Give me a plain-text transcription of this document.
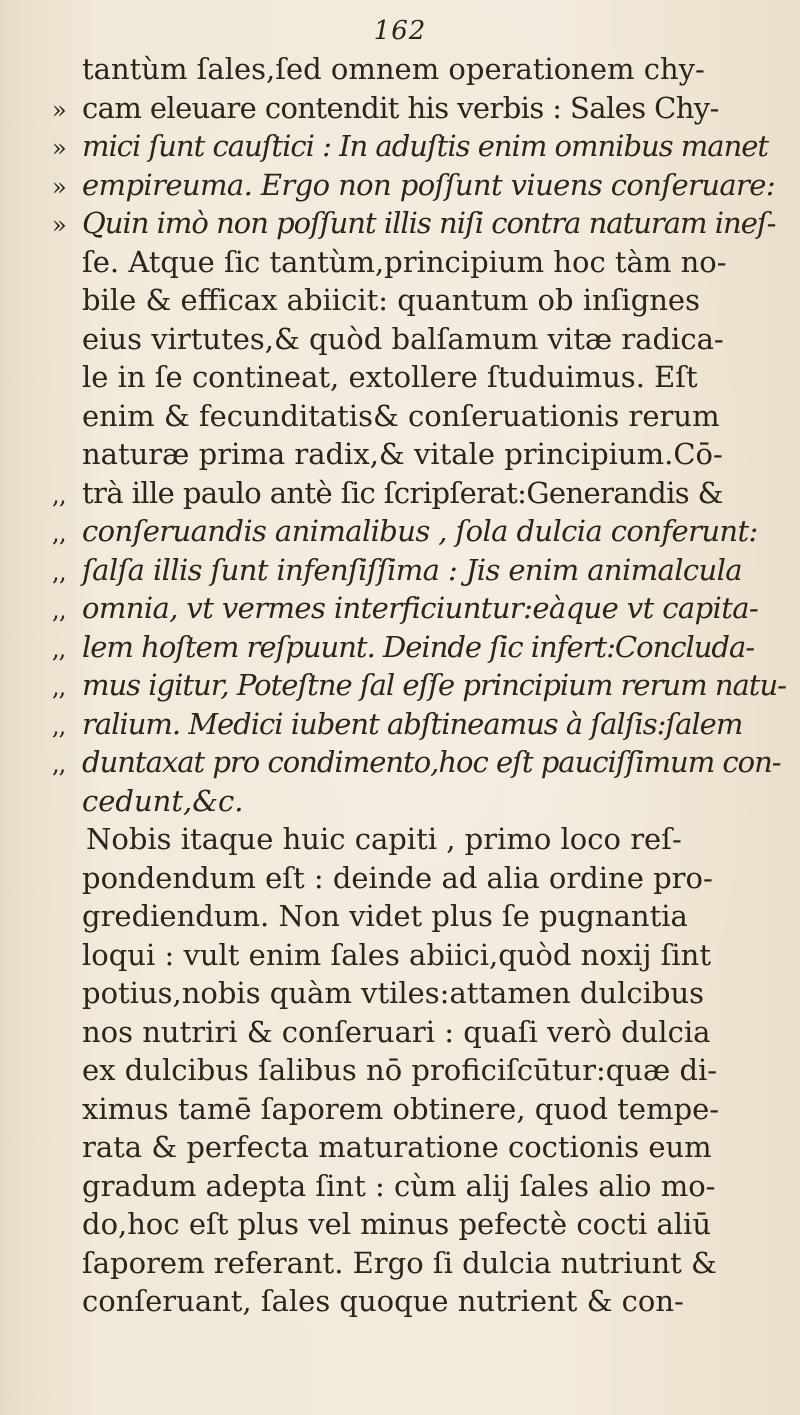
162
tantùm ſales,ſed omnem operationem chy-
» cam eleuare contendit his verbis : Sales Chy-
» mici ſunt cauſtici : In aduſtis enim omnibus manet
» empireuma. Ergo non poſſunt viuens conſeruare:
» Quin imò non poſſunt illis niſi contra naturam ineſ-
ſe. Atque ſic tantùm,principium hoc tàm no-
bile & efficax abiicit: quantum ob inſignes
eius virtutes,& quòd balſamum vitæ radica-
le in ſe contineat, extollere ſtuduimus. Eſt
enim & fecunditatis& conſeruationis rerum
naturæ prima radix,& vitale principium.Cō-
,, trà ille paulo antè ſic ſcripſerat:Generandis &
,, conſeruandis animalibus , ſola dulcia conferunt:
,, ſalſa illis ſunt infenſiſſima : Jis enim animalcula
,, omnia, vt vermes interficiuntur:eàque vt capita-
,, lem hoſtem reſpuunt. Deinde ſic infert:Concluda-
,, mus igitur, Poteſtne ſal eſſe principium rerum natu-
,, ralium. Medici iubent abſtineamus à ſalſis:ſalem
,, duntaxat pro condimento,hoc eſt pauciſſimum con-
cedunt,&c.
Nobis itaque huic capiti , primo loco reſ-
pondendum eſt : deinde ad alia ordine pro-
grediendum. Non videt plus ſe pugnantia
loqui : vult enim ſales abiici,quòd noxij ſint
potius,nobis quàm vtiles:attamen dulcibus
nos nutriri & conſeruari : quaſi verò dulcia
ex dulcibus ſalibus nō proficiſcūtur:quæ di-
ximus tamē ſaporem obtinere, quod tempe-
rata & perfecta maturatione coctionis eum
gradum adepta ſint : cùm alij ſales alio mo-
do,hoc eſt plus vel minus pefectè cocti aliū
ſaporem referant. Ergo ſi dulcia nutriunt &
conſeruant, ſales quoque nutrient & con-
